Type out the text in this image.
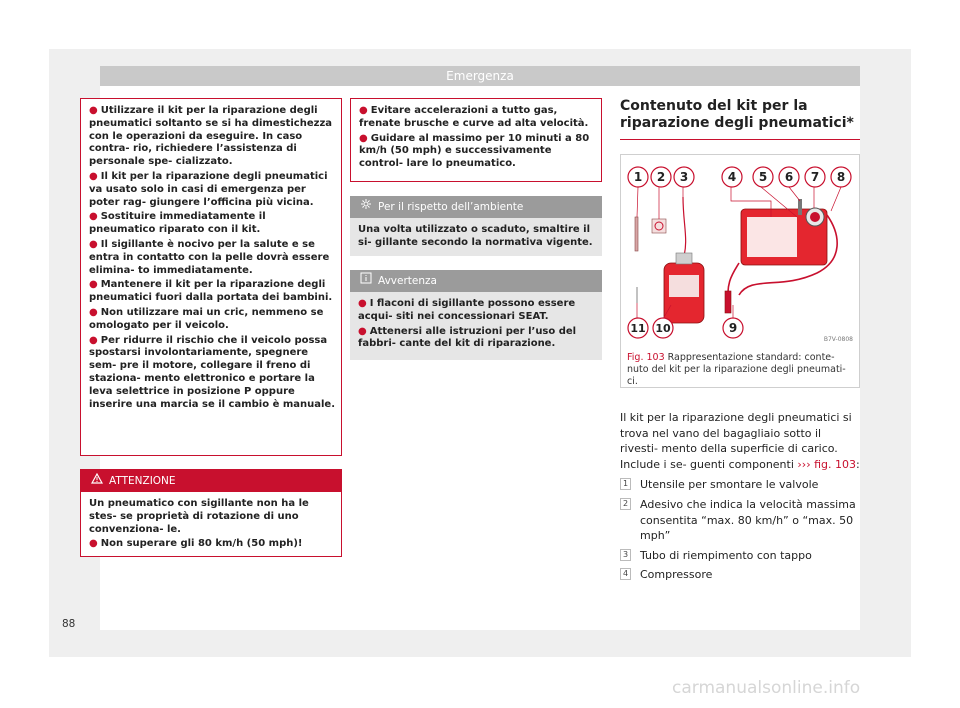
Emergenza
● Utilizzare il kit per la riparazione degli pneumatici soltanto se si ha dimestichezza con le operazioni da eseguire. In caso contra- rio, richiedere l’assistenza di personale spe- cializzato.
● Il kit per la riparazione degli pneumatici va usato solo in casi di emergenza per poter rag- giungere l’officina più vicina.
● Sostituire immediatamente il pneumatico riparato con il kit.
● Il sigillante è nocivo per la salute e se entra in contatto con la pelle dovrà essere elimina- to immediatamente.
● Mantenere il kit per la riparazione degli pneumatici fuori dalla portata dei bambini.
● Non utilizzare mai un cric, nemmeno se omologato per il veicolo.
● Per ridurre il rischio che il veicolo possa spostarsi involontariamente, spegnere sem- pre il motore, collegare il freno di staziona- mento elettronico e portare la leva selettrice in posizione P oppure inserire una marcia se il cambio è manuale.
ATTENZIONE
Un pneumatico con sigillante non ha le stes- se proprietà di rotazione di uno convenziona- le.
● Non superare gli 80 km/h (50 mph)!
● Evitare accelerazioni a tutto gas, frenate brusche e curve ad alta velocità.
● Guidare al massimo per 10 minuti a 80 km/h (50 mph) e successivamente control- lare lo pneumatico.
Per il rispetto dell’ambiente
Una volta utilizzato o scaduto, smaltire il si- gillante secondo la normativa vigente.
Avvertenza
● I flaconi di sigillante possono essere acqui- siti nei concessionari SEAT.
● Attenersi alle istruzioni per l’uso del fabbri- cante del kit di riparazione.
Contenuto del kit per la riparazione degli pneumatici*
1 2 3	4 5 6 7 8
9
10
11
B7V-0808
Fig. 103 Rappresentazione standard: conte- nuto del kit per la riparazione degli pneumati- ci.
Il kit per la riparazione degli pneumatici si trova nel vano del bagagliaio sotto il rivesti- mento della superficie di carico. Include i se- guenti componenti ››› fig. 103:
1 Utensile per smontare le valvole
2 Adesivo che indica la velocità massima consentita “max. 80 km/h” o “max. 50 mph”
3 Tubo di riempimento con tappo
4 Compressore
88
carmanualsonline.info
